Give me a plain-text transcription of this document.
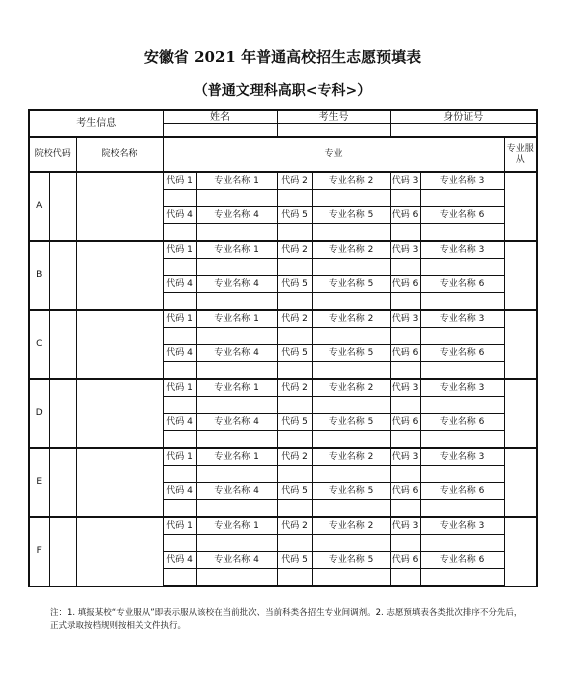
安徽省 2021 年普通高校招生志愿预填表
（普通文理科高职<专科>）
考生信息			姓名		考生号		身份证号		

院校代码		院校名称	专业						专业服从
A			代码 1	专业名称 1	代码 2	专业名称 2	代码 3	专业名称 3	

			代码 4	专业名称 4	代码 5	专业名称 5	代码 6	专业名称 6	

B			代码 1	专业名称 1	代码 2	专业名称 2	代码 3	专业名称 3	

			代码 4	专业名称 4	代码 5	专业名称 5	代码 6	专业名称 6	

C			代码 1	专业名称 1	代码 2	专业名称 2	代码 3	专业名称 3	

			代码 4	专业名称 4	代码 5	专业名称 5	代码 6	专业名称 6	

D			代码 1	专业名称 1	代码 2	专业名称 2	代码 3	专业名称 3	

			代码 4	专业名称 4	代码 5	专业名称 5	代码 6	专业名称 6	

E			代码 1	专业名称 1	代码 2	专业名称 2	代码 3	专业名称 3	

			代码 4	专业名称 4	代码 5	专业名称 5	代码 6	专业名称 6	

F			代码 1	专业名称 1	代码 2	专业名称 2	代码 3	专业名称 3	

			代码 4	专业名称 4	代码 5	专业名称 5	代码 6	专业名称 6	

注：1. 填报某校“专业服从”即表示服从该校在当前批次、当前科类各招生专业间调剂。2. 志愿预填表各类批次排序不分先后，正式录取按档规则按相关文件执行。
